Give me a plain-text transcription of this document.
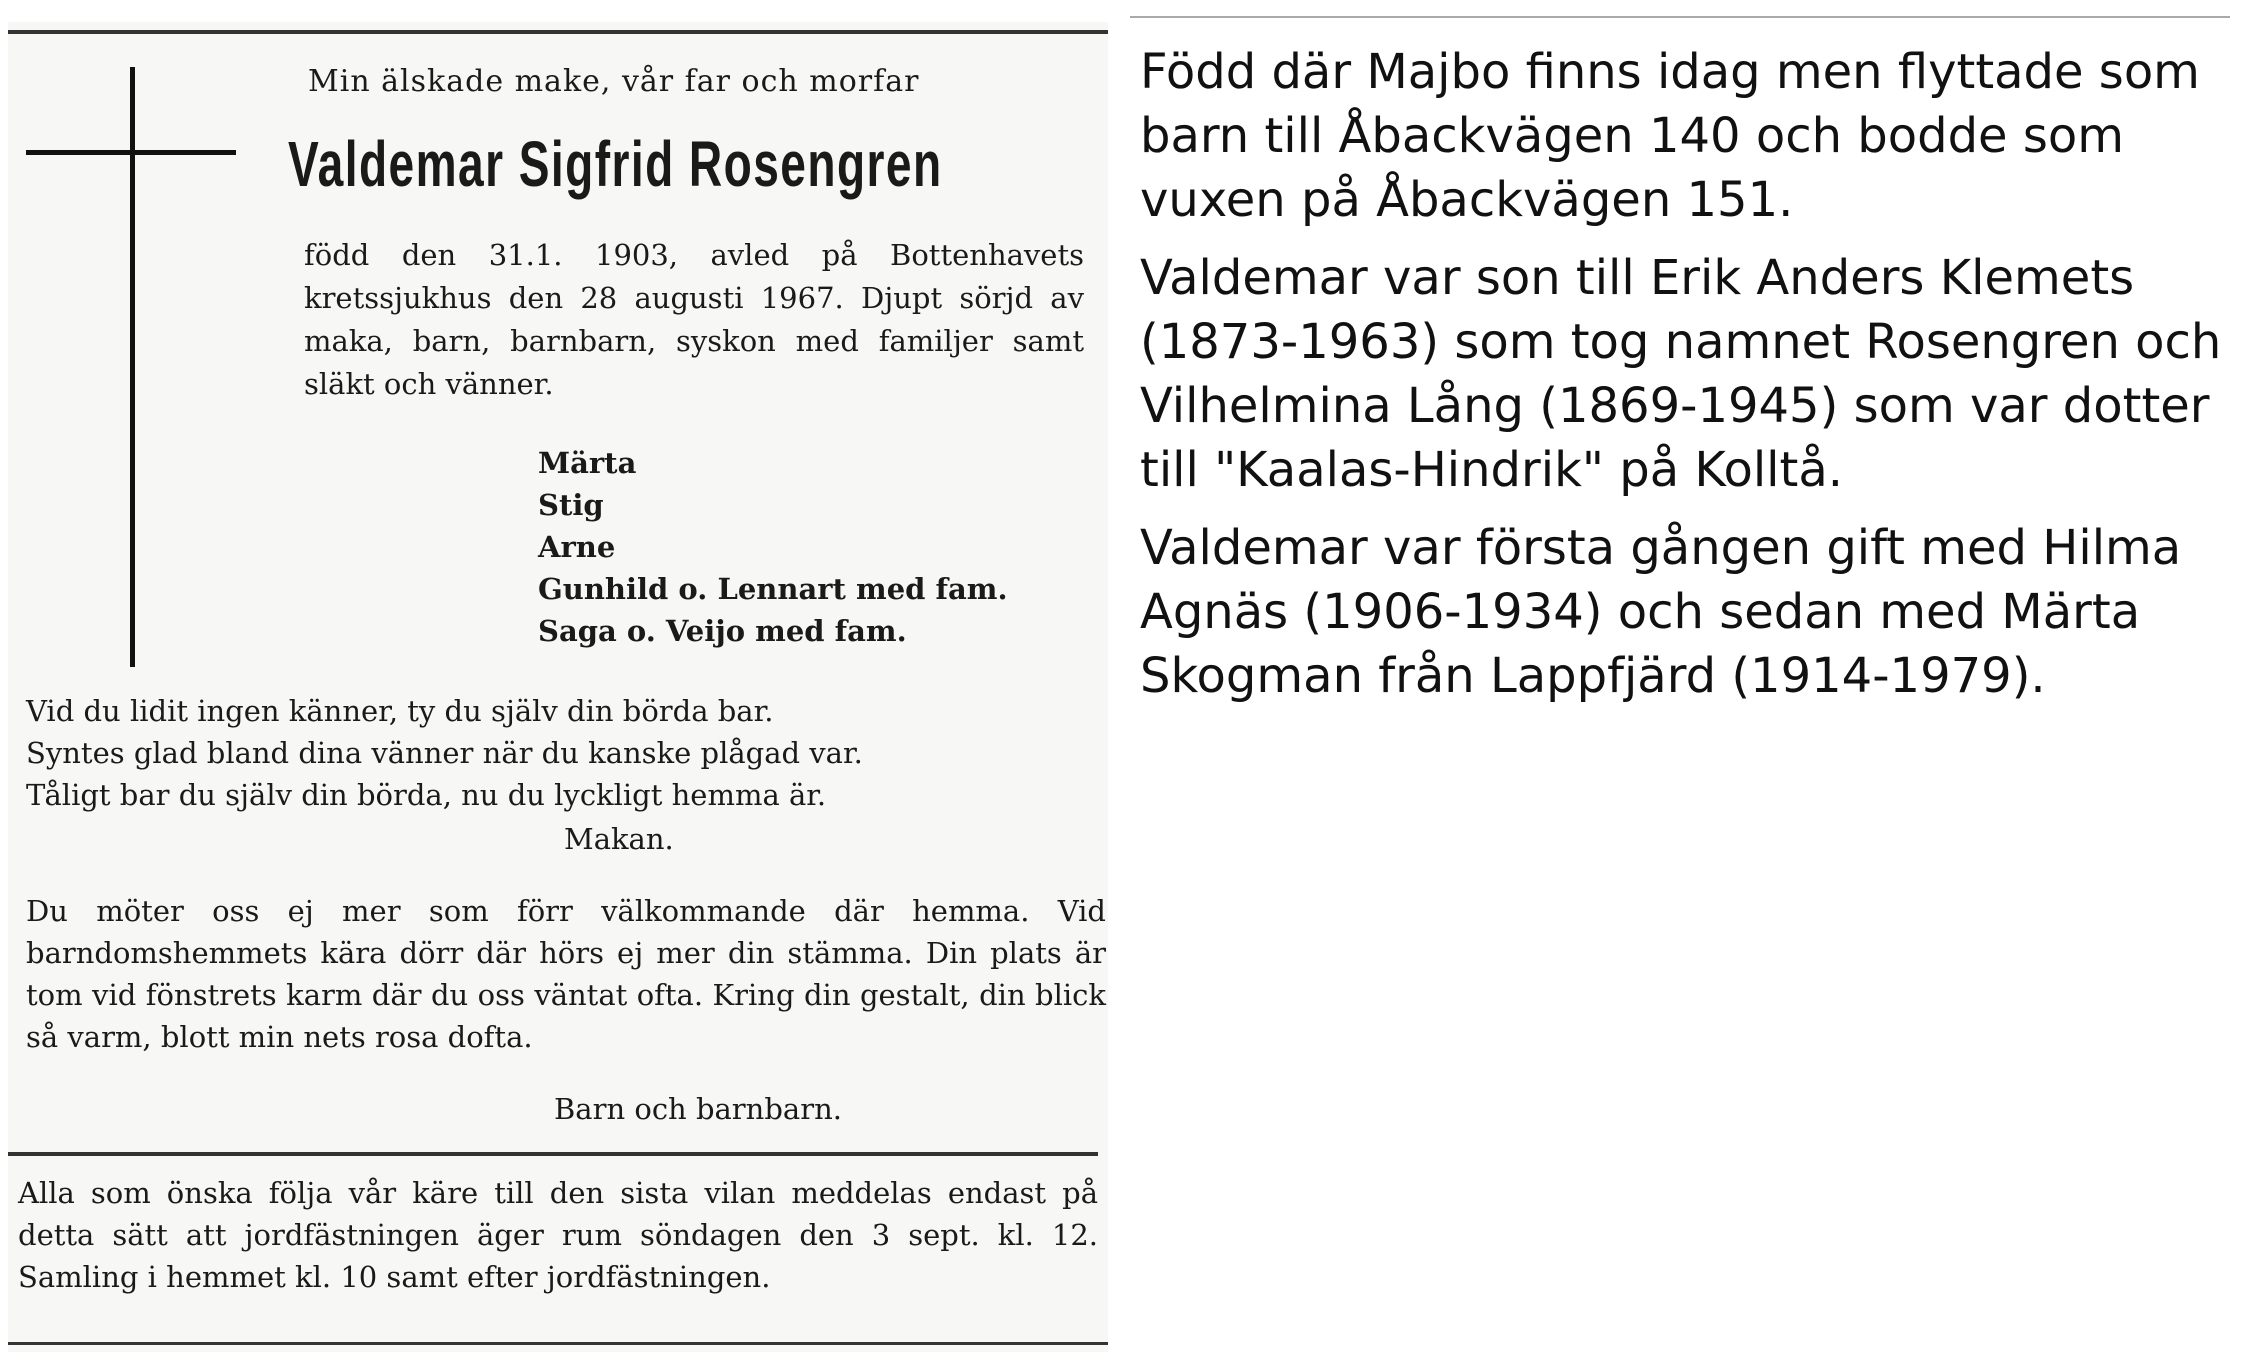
Min älskade make, vår far och morfar
Valdemar Sigfrid Rosengren
född den 31.1. 1903, avled på Bottenhavets kretssjukhus den 28 augusti 1967. Djupt sörjd av maka, barn, barnbarn, syskon med familjer samt släkt och vänner.
Märta
Stig
Arne
Gunhild o. Lennart med fam.
Saga o. Veijo med fam.
Vid du lidit ingen känner, ty du själv din börda bar.
Syntes glad bland dina vänner när du kanske plågad var.
Tåligt bar du själv din börda, nu du lyckligt hemma är.
Makan.
Du möter oss ej mer som förr välkommande där hemma. Vid barndomshemmets kära dörr där hörs ej mer din stämma. Din plats är tom vid fönstrets karm där du oss väntat ofta. Kring din gestalt, din blick så varm, blott min nets rosa dofta.
Barn och barnbarn.
Alla som önska följa vår käre till den sista vilan meddelas endast på detta sätt att jordfästningen äger rum söndagen den 3 sept. kl. 12. Samling i hemmet kl. 10 samt efter jordfästningen.

Född där Majbo finns idag men flyttade som barn till Åbackvägen 140 och bodde som vuxen på Åbackvägen 151.

Valdemar var son till Erik Anders Klemets (1873-1963) som tog namnet Rosengren och Vilhelmina Lång (1869-1945) som var dotter till "Kaalas-Hindrik" på Kolltå.

Valdemar var första gången gift med Hilma Agnäs (1906-1934) och sedan med Märta Skogman från Lappfjärd (1914-1979).
